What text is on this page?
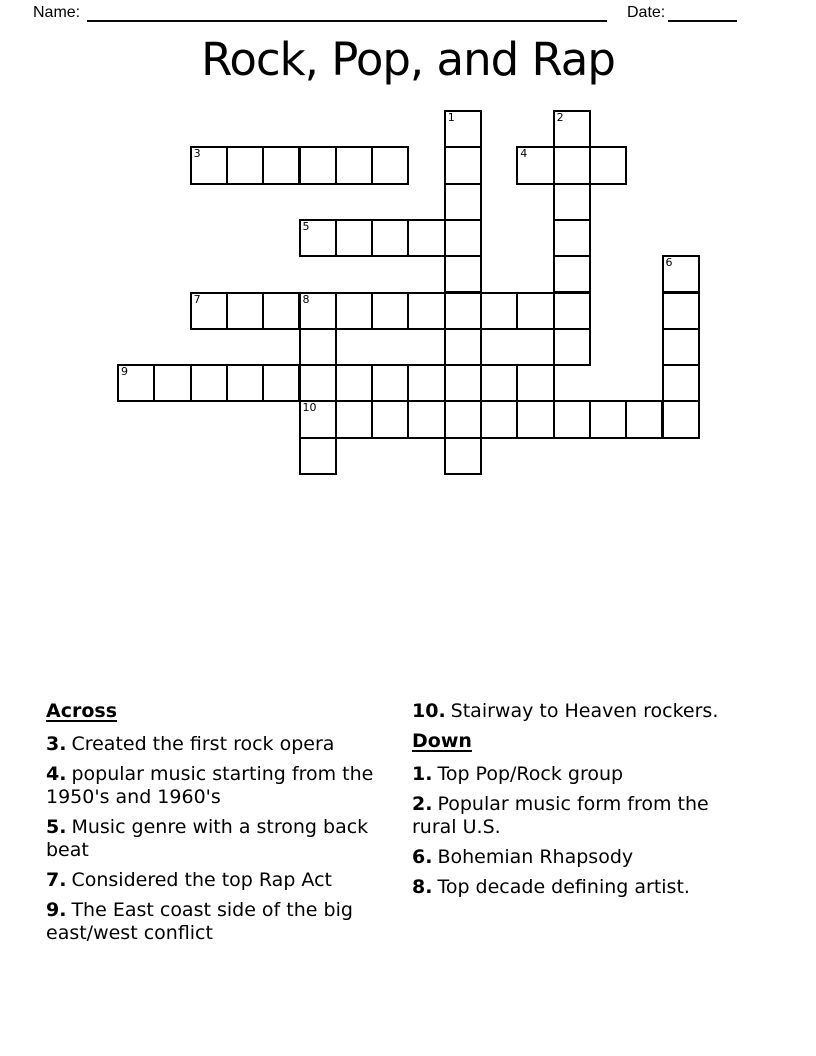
Name:	Date:
Rock, Pop, and Rap
1	2
3	4
5
6
7	8
10
9
Across

3. Created the first rock opera

4. popular music starting from the 1950's and 1960's

5. Music genre with a strong back beat

7. Considered the top Rap Act

9. The East coast side of the big east/west conflict

10. Stairway to Heaven rockers.

Down

1. Top Pop/Rock group

2. Popular music form from the rural U.S.

6. Bohemian Rhapsody

8. Top decade defining artist.
